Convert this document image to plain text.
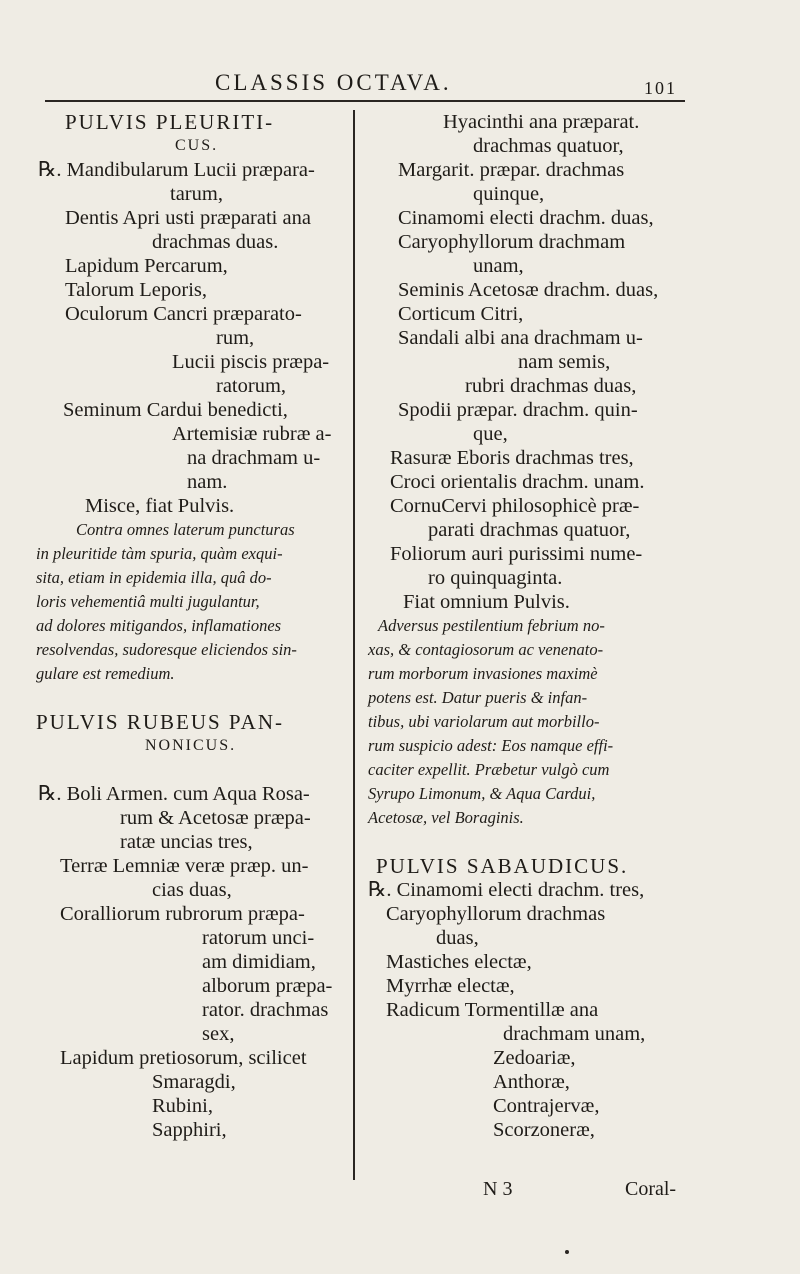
CLASSIS OCTAVA.	101
PULVIS PLEURITI-
CUS.
℞. Mandibularum Lucii præpara-
tarum,
Dentis Apri usti præparati ana
drachmas duas.
Lapidum Percarum,
Talorum Leporis,
Oculorum Cancri præparato-
rum,
Lucii piscis præpa-
ratorum,
Seminum Cardui benedicti,
Artemisiæ rubræ a-
na drachmam u-
nam.
Misce, fiat Pulvis.
Contra omnes laterum puncturas
in pleuritide tàm spuria, quàm exqui-
sita, etiam in epidemia illa, quâ do-
loris vehementiâ multi jugulantur,
ad dolores mitigandos, inflamationes
resolvendas, sudoresque eliciendos sin-
gulare est remedium.
PULVIS RUBEUS PAN-
NONICUS.
℞. Boli Armen. cum Aqua Rosa-
rum & Acetosæ præpa-
ratæ uncias tres,
Terræ Lemniæ veræ præp. un-
cias duas,
Coralliorum rubrorum præpa-
ratorum unci-
am dimidiam,
alborum præpa-
rator. drachmas
sex,
Lapidum pretiosorum, scilicet
Smaragdi,
Rubini,
Sapphiri,
Hyacinthi ana præparat.
drachmas quatuor,
Margarit. præpar. drachmas
quinque,
Cinamomi electi drachm. duas,
Caryophyllorum drachmam
unam,
Seminis Acetosæ drachm. duas,
Corticum Citri,
Sandali albi ana drachmam u-
nam semis,
rubri drachmas duas,
Spodii præpar. drachm. quin-
que,
Rasuræ Eboris drachmas tres,
Croci orientalis drachm. unam.
CornuCervi philosophicè præ-
parati drachmas quatuor,
Foliorum auri purissimi nume-
ro quinquaginta.
Fiat omnium Pulvis.
Adversus pestilentium febrium no-
xas, & contagiosorum ac venenato-
rum morborum invasiones maximè
potens est. Datur pueris & infan-
tibus, ubi variolarum aut morbillo-
rum suspicio adest: Eos namque effi-
caciter expellit. Præbetur vulgò cum
Syrupo Limonum, & Aqua Cardui,
Acetosæ, vel Boraginis.
PULVIS SABAUDICUS.
℞. Cinamomi electi drachm. tres,
Caryophyllorum drachmas
duas,
Mastiches electæ,
Myrrhæ electæ,
Radicum Tormentillæ ana
drachmam unam,
Zedoariæ,
Anthoræ,
Contrajervæ,
Scorzoneræ,
N 3	Coral-
